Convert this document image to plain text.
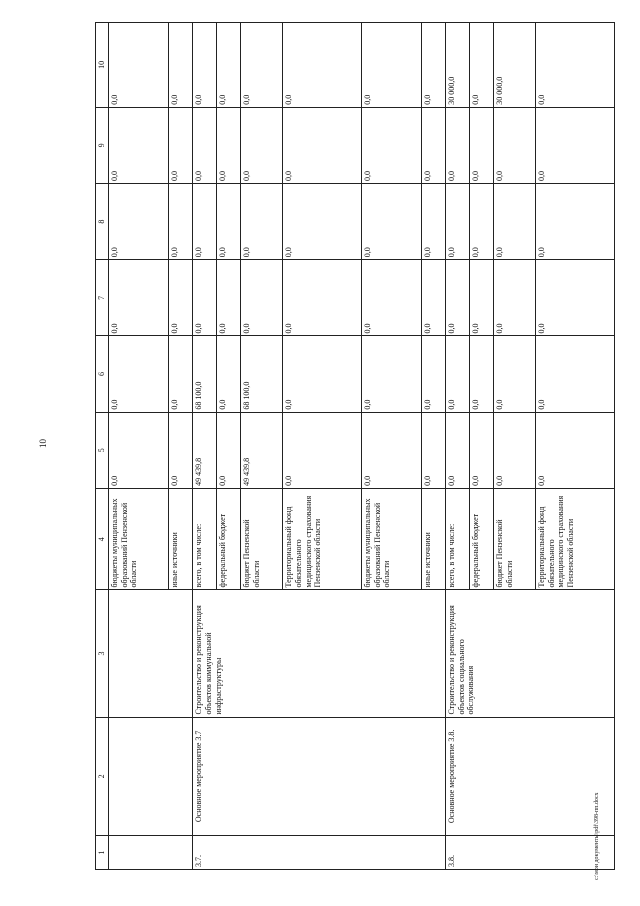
10
c:\мои документы\pdf\398-пп.docx
1	2	3	4	5	6	7	8	9	10
			бюджеты муниципальных образований Пензенской области	0,0	0,0	0,0	0,0	0,0	0,0
			иные источники	0,0	0,0	0,0	0,0	0,0	0,0
3.7.	Основное мероприятие 3.7	Строительство и реконструкция объектов коммунальной инфраструктуры	всего, в том числе:	49 439,8	68 100,0	0,0	0,0	0,0	0,0
			федеральный бюджет	0,0	0,0	0,0	0,0	0,0	0,0
			бюджет Пензенской области	49 439,8	68 100,0	0,0	0,0	0,0	0,0
			Территориальный фонд обязательного медицинского страхования Пензенской области	0,0	0,0	0,0	0,0	0,0	0,0
			бюджеты муниципальных образований Пензенской области	0,0	0,0	0,0	0,0	0,0	0,0
			иные источники	0,0	0,0	0,0	0,0	0,0	0,0
3.8.	Основное мероприятие 3.8.	Строительство и реконструкция объектов социального обслуживания	всего, в том числе:	0,0	0,0	0,0	0,0	0,0	30 000,0
			федеральный бюджет	0,0	0,0	0,0	0,0	0,0	0,0
			бюджет Пензенской области	0,0	0,0	0,0	0,0	0,0	30 000,0
			Территориальный фонд обязательного медицинского страхования Пензенской области	0,0	0,0	0,0	0,0	0,0	0,0
